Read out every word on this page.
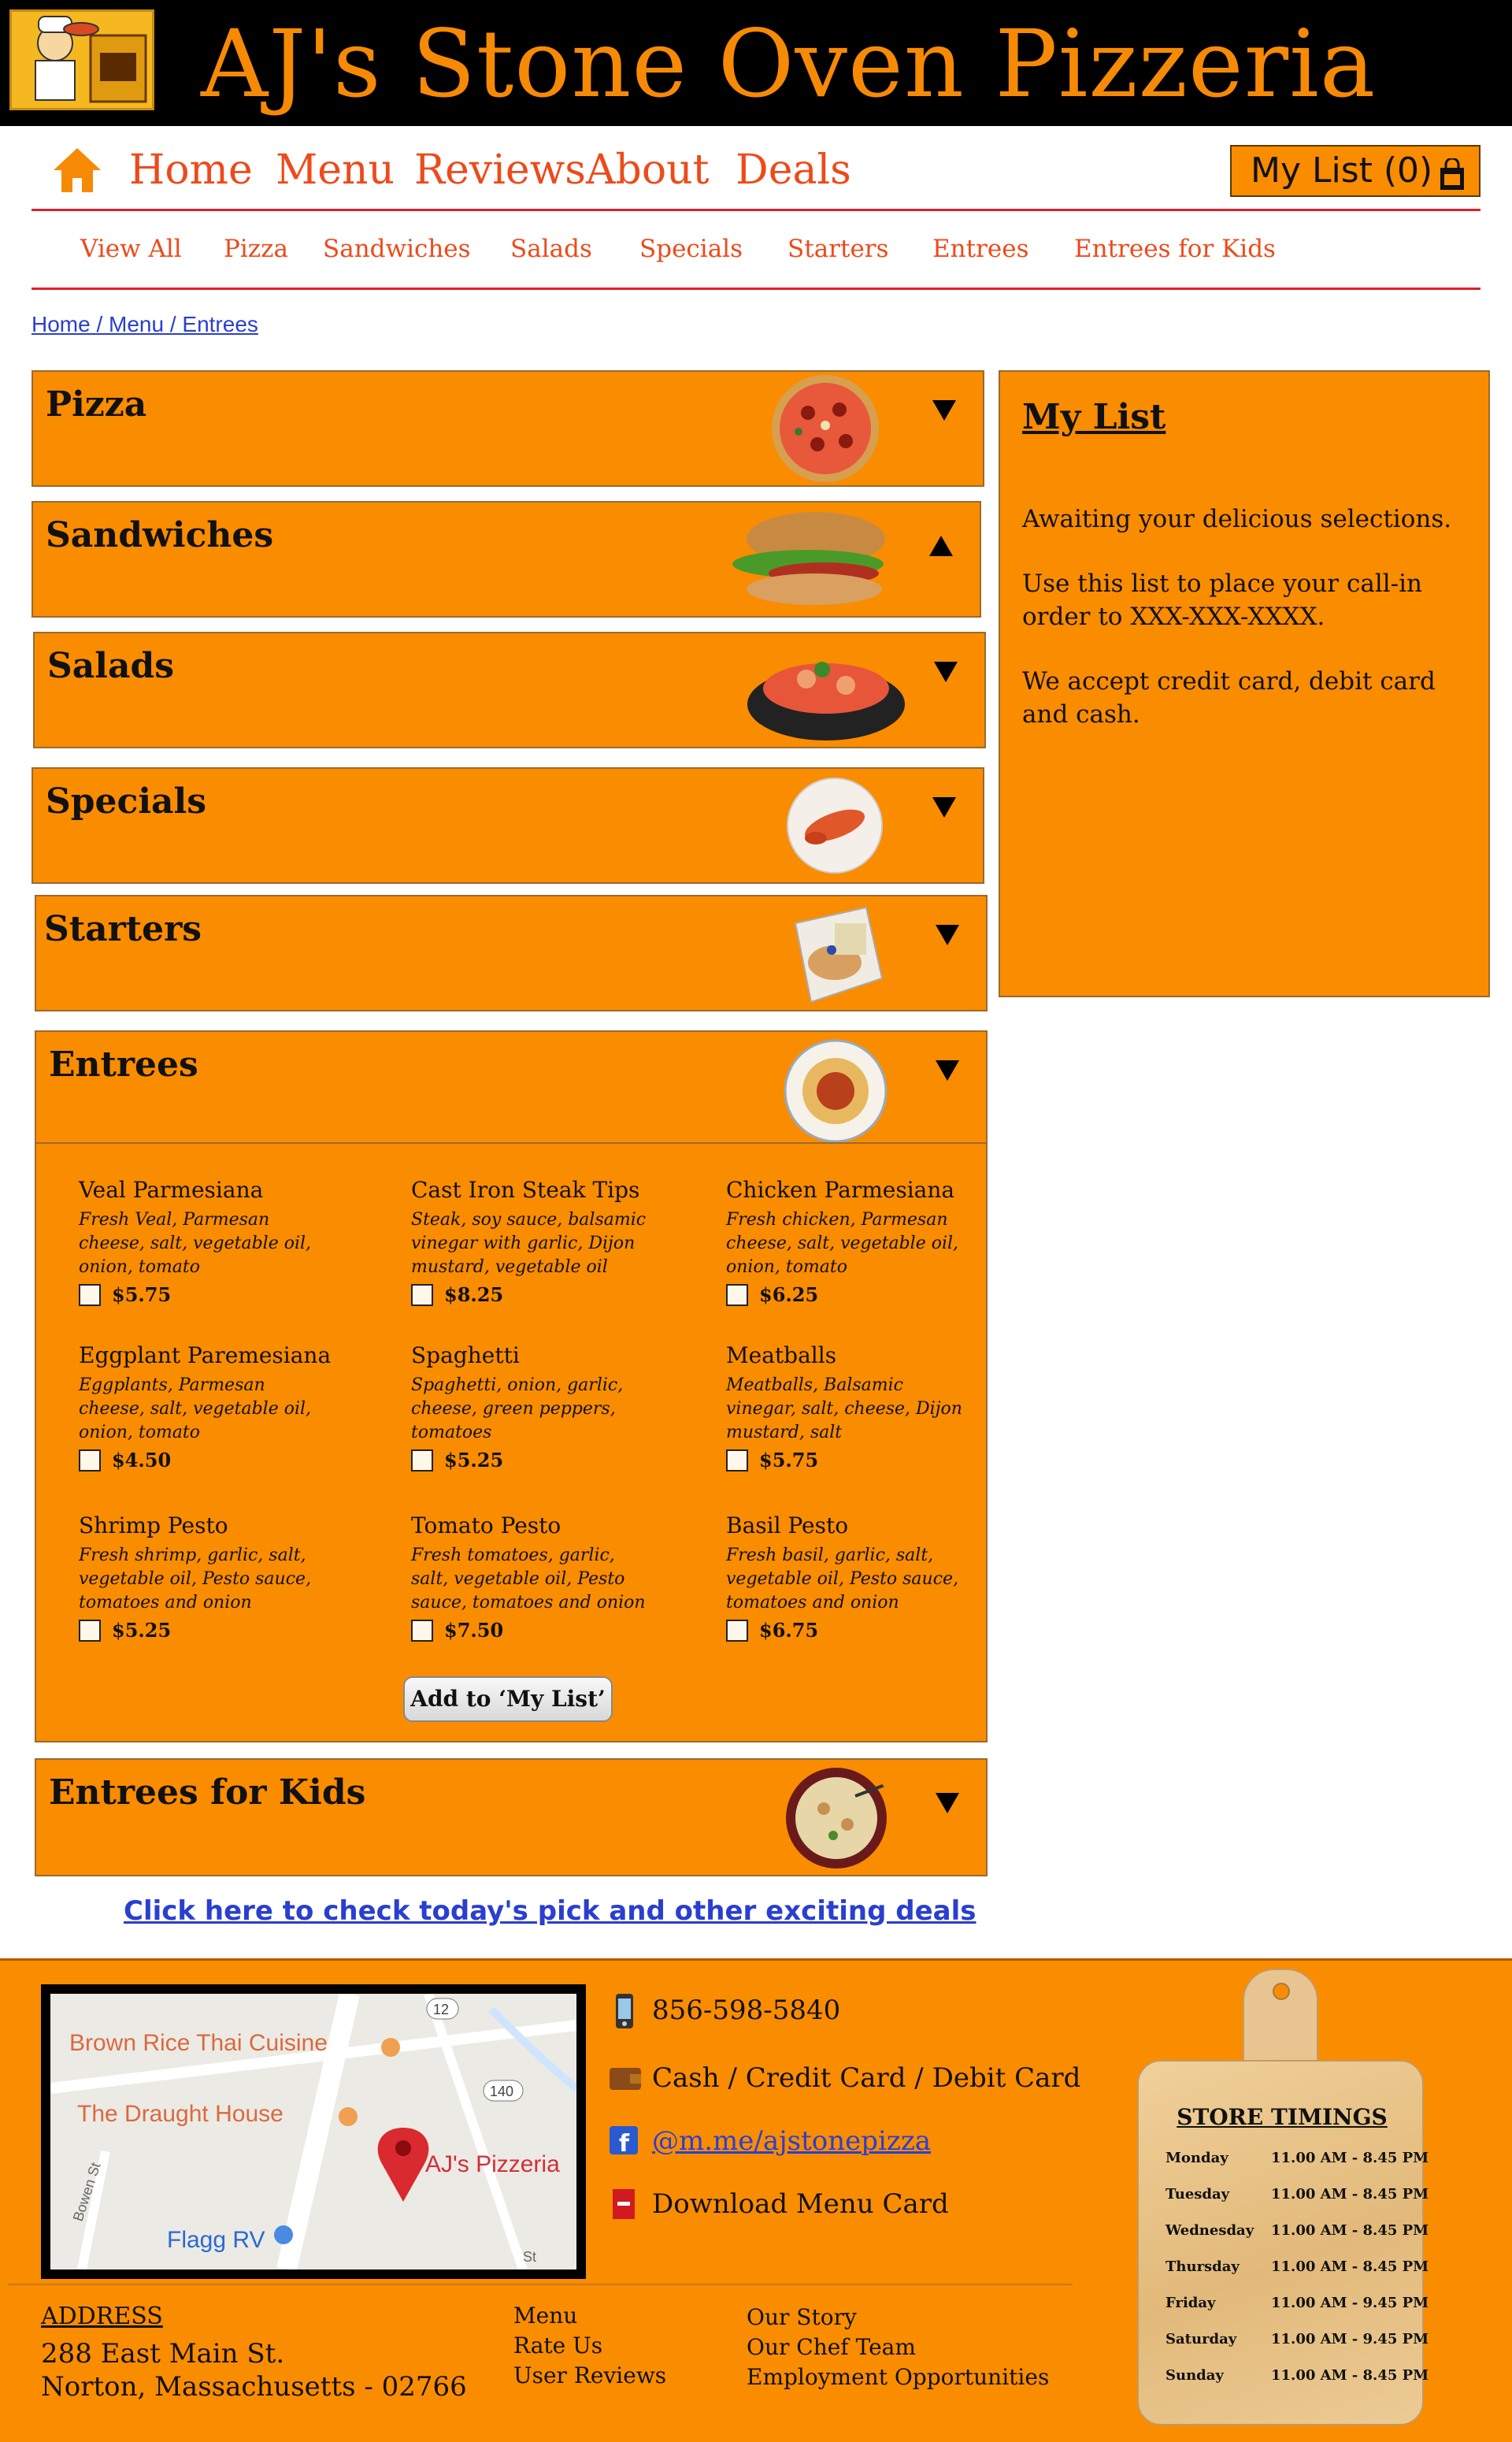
AJ's Stone Oven Pizzeria
Home Menu Reviews About Deals	My List (0)
View All Pizza Sandwiches Salads Specials Starters Entrees Entrees for Kids
Home / Menu / Entrees
Pizza
Sandwiches
Salads
Specials
Starters
Entrees
Veal Parmesiana
Fresh Veal, Parmesan cheese, salt, vegetable oil, onion, tomato
$5.75
Cast Iron Steak Tips
Steak, soy sauce, balsamic vinegar with garlic, Dijon mustard, vegetable oil
$8.25
Chicken Parmesiana
Fresh chicken, Parmesan cheese, salt, vegetable oil, onion, tomato
$6.25
Eggplant Paremesiana
Eggplants, Parmesan cheese, salt, vegetable oil, onion, tomato
$4.50
Spaghetti
Spaghetti, onion, garlic, cheese, green peppers, tomatoes
$5.25
Meatballs
Meatballs, Balsamic vinegar, salt, cheese, Dijon mustard, salt
$5.75
Shrimp Pesto
Fresh shrimp, garlic, salt, vegetable oil, Pesto sauce, tomatoes and onion
$5.25
Tomato Pesto
Fresh tomatoes, garlic, salt, vegetable oil, Pesto sauce, tomatoes and onion
$7.50
Basil Pesto
Fresh basil, garlic, salt, vegetable oil, Pesto sauce, tomatoes and onion
$6.75
Add to ‘My List’
Entrees for Kids
My List
Awaiting your delicious selections.
Use this list to place your call-in order to XXX-XXX-XXXX.
We accept credit card, debit card and cash.
Click here to check today's pick and other exciting deals
Brown Rice Thai Cuisine
The Draught House
AJ's Pizzeria
Flagg RV
Bowen St
St
12
140
856-598-5840
Cash / Credit Card / Debit Card
f @m.me/ajstonepizza
Download Menu Card
ADDRESS
288 East Main St.
Norton, Massachusetts - 02766
Menu
Rate Us
User Reviews
Our Story
Our Chef Team
Employment Opportunities
STORE TIMINGS
Monday	11.00 AM - 8.45 PM
Tuesday	11.00 AM - 8.45 PM
Wednesday 11.00 AM - 8.45 PM
Thursday 11.00 AM - 8.45 PM
Friday	11.00 AM - 9.45 PM
Saturday 11.00 AM - 9.45 PM
Sunday	11.00 AM - 8.45 PM
